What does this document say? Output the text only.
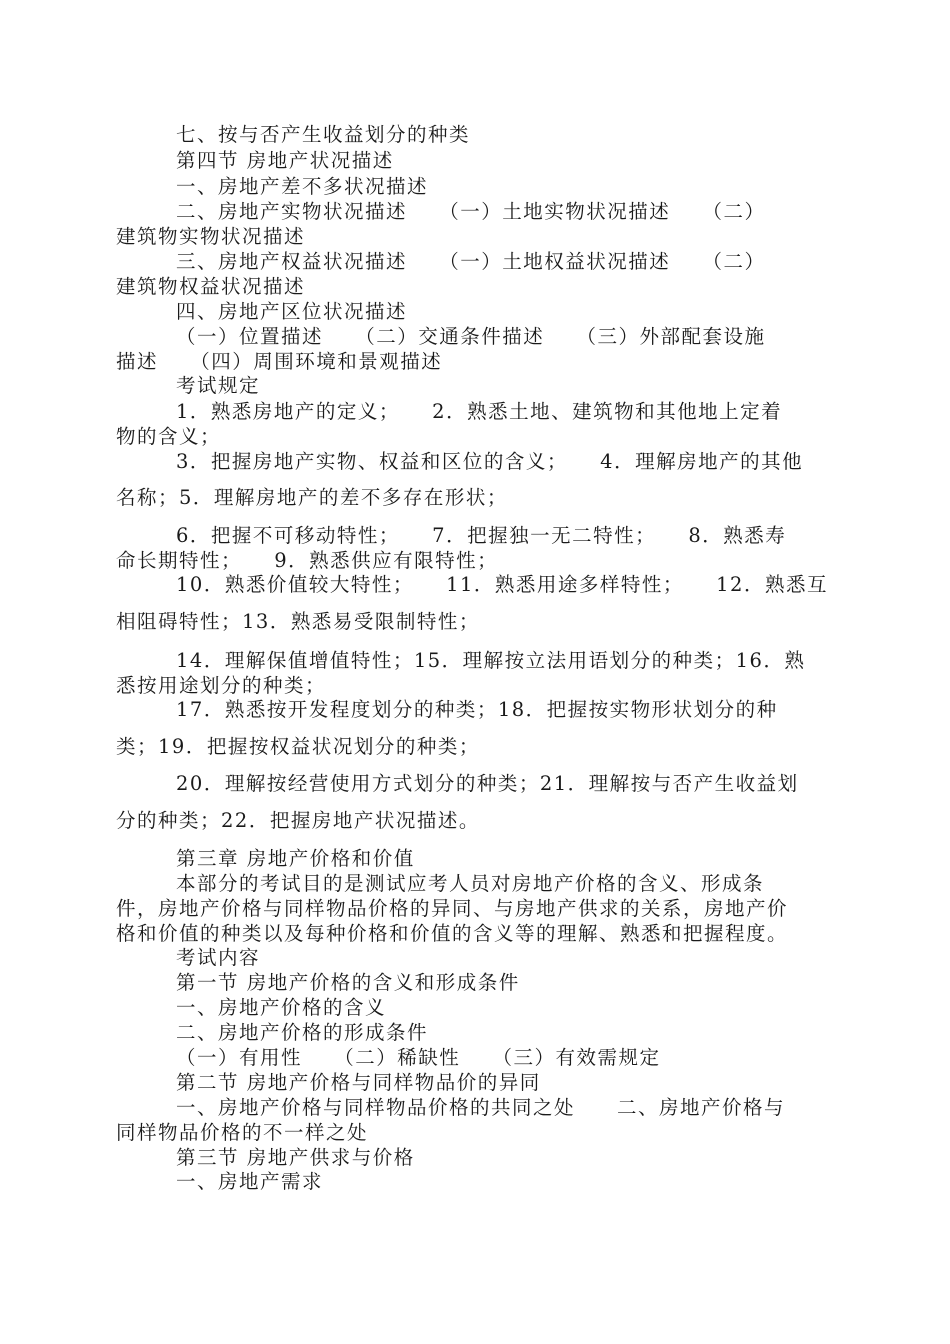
七、按与否产生收益划分的种类
第四节 房地产状况描述
一、房地产差不多状况描述
二、房地产实物状况描述　　（一）土地实物状况描述　　（二）
建筑物实物状况描述
三、房地产权益状况描述　　（一）土地权益状况描述　　（二）
建筑物权益状况描述
四、房地产区位状况描述
（一）位置描述　　（二）交通条件描述　　（三）外部配套设施
描述　　（四）周围环境和景观描述
考试规定
1．熟悉房地产的定义；　　2．熟悉土地、建筑物和其他地上定着
物的含义；
3．把握房地产实物、权益和区位的含义；　　4．理解房地产的其他
名称；5．理解房地产的差不多存在形状；
6．把握不可移动特性；　　7．把握独一无二特性；　　8．熟悉寿
命长期特性；　　9．熟悉供应有限特性；
10．熟悉价值较大特性；　　11．熟悉用途多样特性；　　12．熟悉互
相阻碍特性；13．熟悉易受限制特性；
14．理解保值增值特性；15．理解按立法用语划分的种类；16．熟
悉按用途划分的种类；
17．熟悉按开发程度划分的种类；18．把握按实物形状划分的种
类；19．把握按权益状况划分的种类；
20．理解按经营使用方式划分的种类；21．理解按与否产生收益划
分的种类；22．把握房地产状况描述。
第三章 房地产价格和价值
本部分的考试目的是测试应考人员对房地产价格的含义、形成条
件，房地产价格与同样物品价格的异同、与房地产供求的关系，房地产价
格和价值的种类以及每种价格和价值的含义等的理解、熟悉和把握程度。
考试内容
第一节 房地产价格的含义和形成条件
一、房地产价格的含义
二、房地产价格的形成条件
（一）有用性　　（二）稀缺性　　（三）有效需规定
第二节 房地产价格与同样物品价的异同
一、房地产价格与同样物品价格的共同之处　　二、房地产价格与
同样物品价格的不一样之处
第三节 房地产供求与价格
一、房地产需求
